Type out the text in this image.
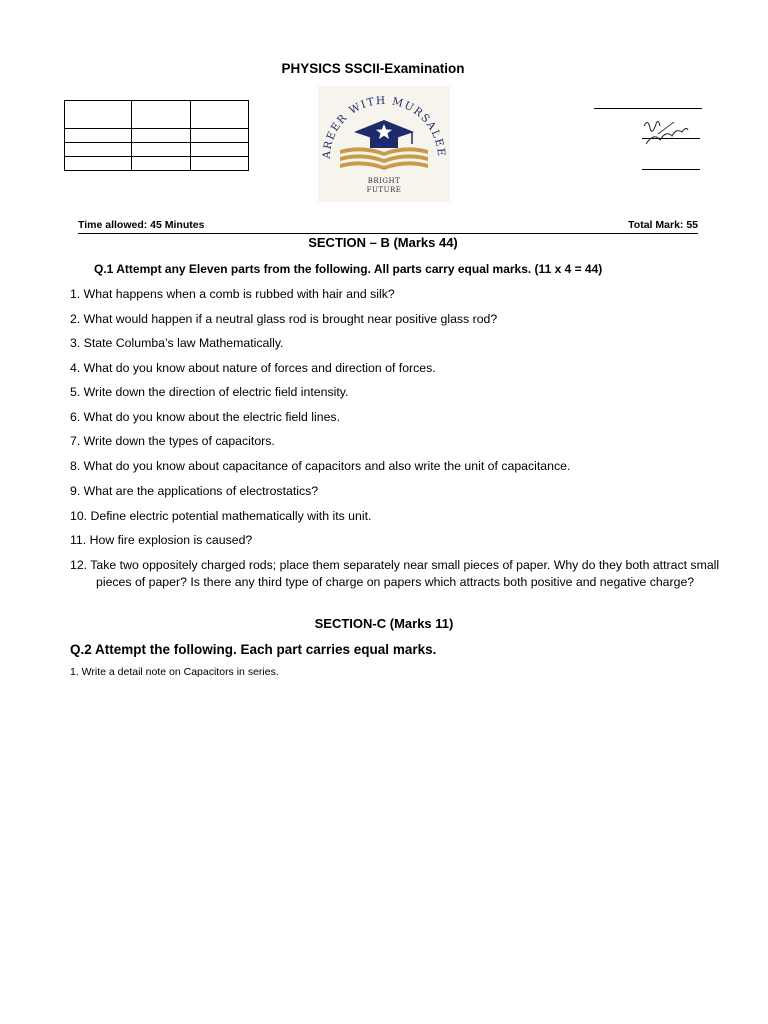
PHYSICS SSCII-Examination

AREER WITH MURSALEE
BRIGHT
FUTURE
Time allowed: 45 Minutes	Total Mark: 55
SECTION – B (Marks 44)
Q.1 Attempt any Eleven parts from the following. All parts carry equal marks. (11 x 4 = 44)
1. What happens when a comb is rubbed with hair and silk?
2. What would happen if a neutral glass rod is brought near positive glass rod?
3. State Columba’s law Mathematically.
4. What do you know about nature of forces and direction of forces.
5. Write down the direction of electric field intensity.
6. What do you know about the electric field lines.
7. Write down the types of capacitors.
8. What do you know about capacitance of capacitors and also write the unit of capacitance.
9. What are the applications of electrostatics?
10. Define electric potential mathematically with its unit.
11. How fire explosion is caused?
12. Take two oppositely charged rods; place them separately near small pieces of paper. Why do they both attract small pieces of paper? Is there any third type of charge on papers which attracts both positive and negative charge?
SECTION-C (Marks 11)
Q.2 Attempt the following. Each part carries equal marks.
1. Write a detail note on Capacitors in series.
